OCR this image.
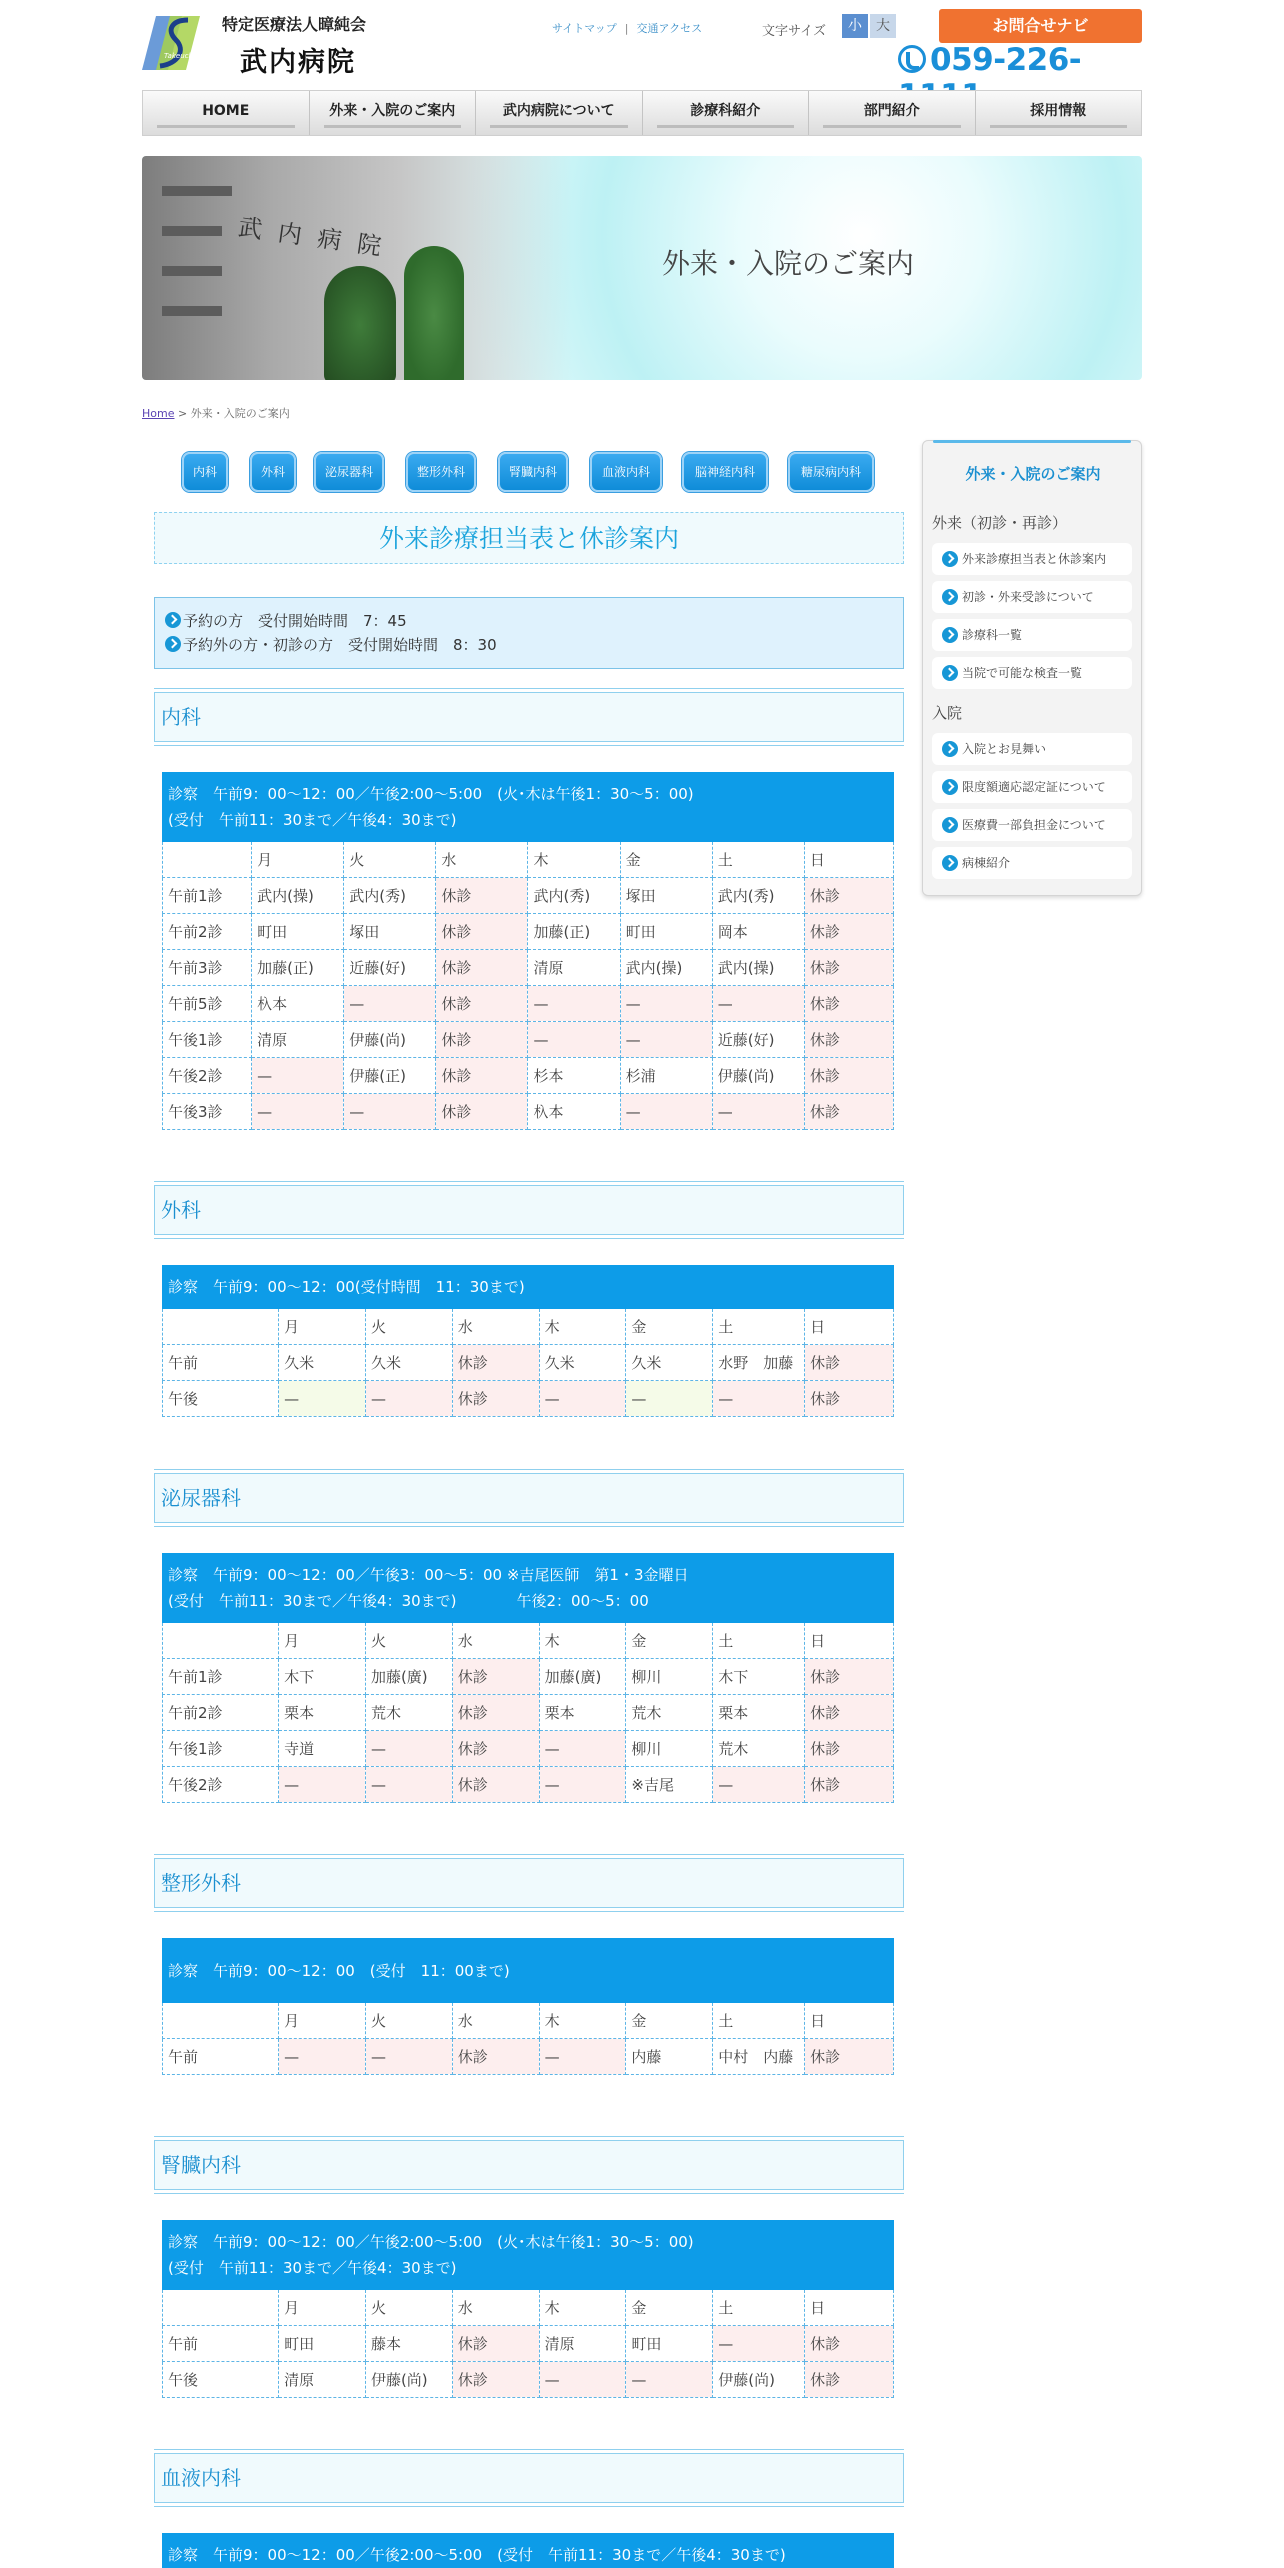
Takeuchi
特定医療法人暲純会
武内病院
サイトマップ | 交通アクセス	文字サイズ	小	大	お問合せナビ
059-226-
HOME	外来・入院のご案内	武内病院について	診療科紹介	部門紹介	採用情報
武内病院
外来・入院のご案内
Home > 外来・入院のご案内
内科	外科	泌尿器科	整形外科	腎臓内科	血液内科	脳神経内科	糖尿病内科
外来診療担当表と休診案内
予約の方　受付開始時間　7：45
予約外の方・初診の方　受付開始時間　8：30
内科
診察　午前9：00～12：00／午後2:00～5:00　(火･木は午後1：30～5：00)
(受付　午前11：30まで／午後4：30まで)							

	月	火	水	木	金	土	日
午前1診	武内(操)	武内(秀)	休診	武内(秀)	塚田	武内(秀)	休診
午前2診	町田	塚田	休診	加藤(正)	町田	岡本	休診
午前3診	加藤(正)	近藤(好)	休診	清原	武内(操)	武内(操)	休診
午前5診	杁本	—	休診	—	—	—	休診
午後1診	清原	伊藤(尚)	休診	—	—	近藤(好)	休診
午後2診	—	伊藤(正)	休診	杉本	杉浦	伊藤(尚)	休診
午後3診	—	—	休診	杁本	—	—	休診
外科
診察　午前9：00～12：00(受付時間　11：30まで)							

	月	火	水	木	金	土	日
午前	久米	久米	休診	久米	久米	水野　加藤	休診
午後	—	—	休診	—	—	—	休診
泌尿器科
診察　午前9：00～12：00／午後3：00～5：00 ※吉尾医師　第1・3金曜日
(受付　午前11：30まで／午後4：30まで)　　　　午後2：00～5：00							

	月	火	水	木	金	土	日
午前1診	木下	加藤(廣)	休診	加藤(廣)	柳川	木下	休診
午前2診	栗本	荒木	休診	栗本	荒木	栗本	休診
午後1診	寺道	—	休診	—	柳川	荒木	休診
午後2診	—	—	休診	—	※吉尾	—	休診
整形外科
診察　午前9：00～12：00　(受付　11：00まで)							

	月	火	水	木	金	土	日
午前	—	—	休診	—	内藤	中村　内藤	休診
腎臓内科
診察　午前9：00～12：00／午後2:00～5:00　(火･木は午後1：30～5：00)
(受付　午前11：30まで／午後4：30まで)							

	月	火	水	木	金	土	日
午前	町田	藤本	休診	清原	町田	—	休診
午後	清原	伊藤(尚)	休診	—	—	伊藤(尚)	休診
血液内科
診察　午前9：00～12：00／午後2:00～5:00　(受付　午前11：30まで／午後4：30まで)
外来・入院のご案内
外来（初診・再診）
外来診療担当表と休診案内
初診・外来受診について
診療科一覧
当院で可能な検査一覧
入院
入院とお見舞い
限度額適応認定証について
医療費一部負担金について
病棟紹介
